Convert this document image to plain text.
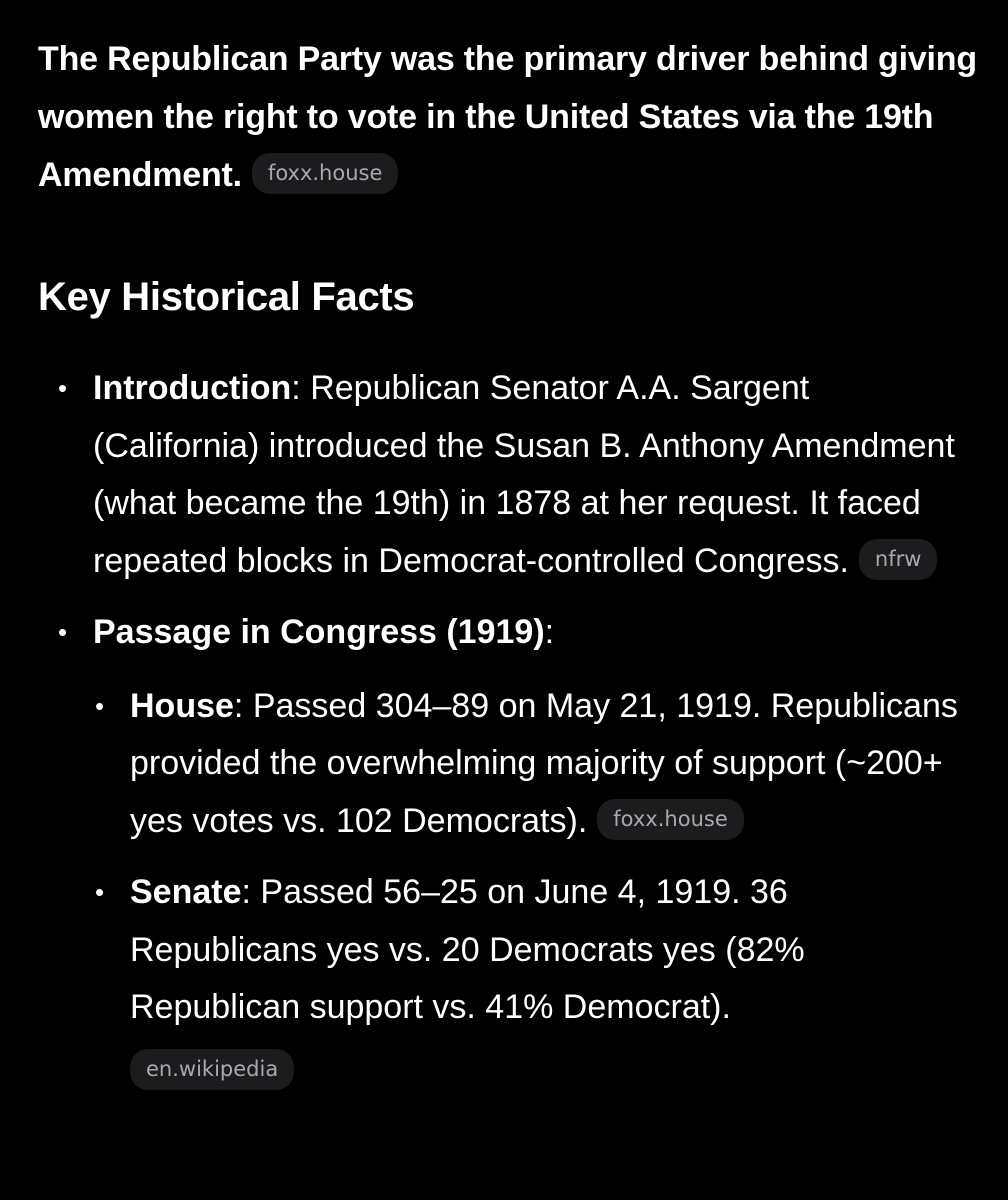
The Republican Party was the primary driver behind giving women the right to vote in the United States via the 19th Amendment. foxx.house

Key Historical Facts
• Introduction: Republican Senator A.A. Sargent (California) introduced the Susan B. Anthony Amendment (what became the 19th) in 1878 at her request. It faced repeated blocks in Democrat-controlled Congress. nfrw
• Passage in Congress (1919):
• House: Passed 304–89 on May 21, 1919. Republicans provided the overwhelming majority of support (~200+ yes votes vs. 102 Democrats). foxx.house
• Senate: Passed 56–25 on June 4, 1919. 36 Republicans yes vs. 20 Democrats yes (82% Republican support vs. 41% Democrat).
en.wikipedia
